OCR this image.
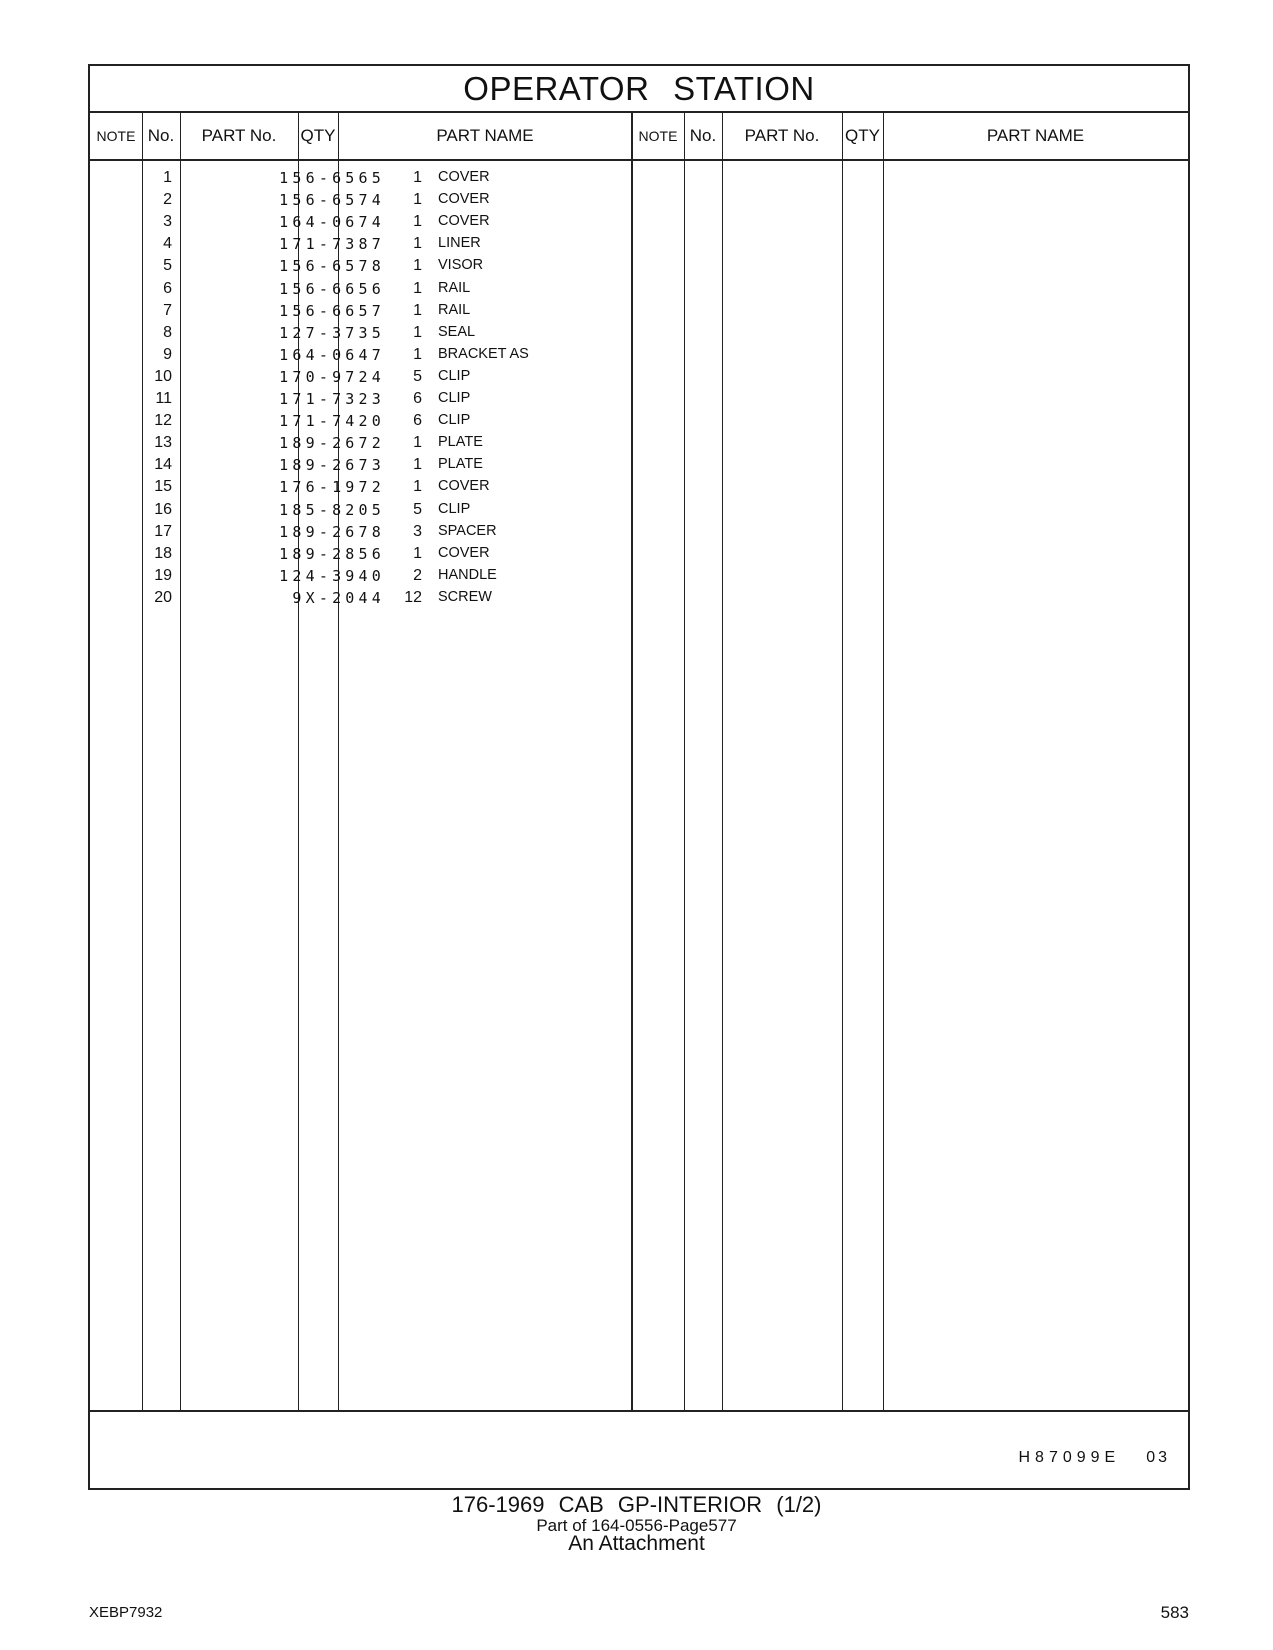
OPERATOR STATION
NOTE No.	PART No.	QTY	PART NAME	NOTE No.	PART No.	QTY	PART NAME
1	156-6565	1 COVER
2	156-6574	1 COVER
3	164-0674	1 COVER
4	171-7387	1 LINER
5	156-6578	1 VISOR
6	156-6656	1 RAIL
7	156-6657	1 RAIL
8	127-3735	1 SEAL
9	164-0647	1 BRACKET AS
10	170-9724	5 CLIP
11	171-7323	6 CLIP
12	171-7420	6 CLIP
13	189-2672	1 PLATE
14	189-2673	1 PLATE
15	176-1972	1 COVER
16	185-8205	5 CLIP
17	189-2678	3 SPACER
18	189-2856	1 COVER
19	124-3940	2 HANDLE
20	9X-2044	12 SCREW
H87099E 03
176-1969 CAB GP-INTERIOR (1/2)
Part of 164-0556-Page577
An Attachment
XEBP7932	583
